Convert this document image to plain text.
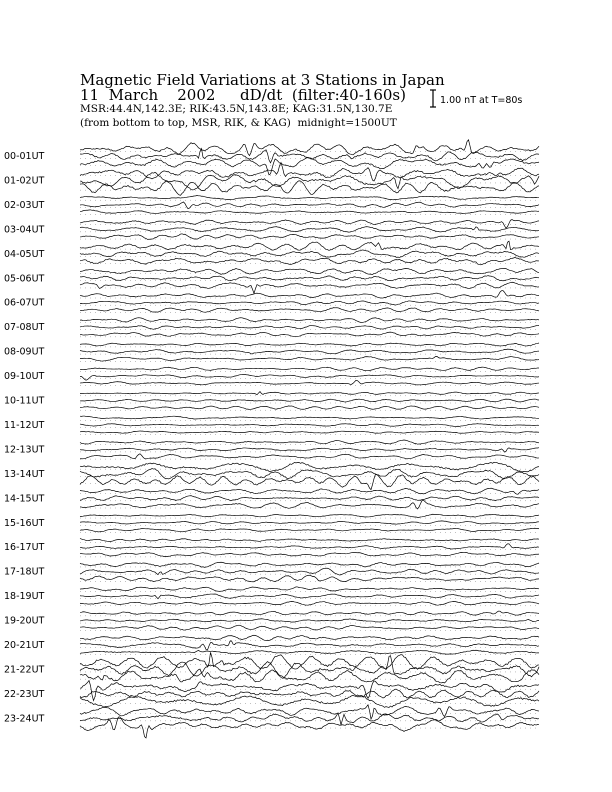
Magnetic Field Variations at 3 Stations in Japan
11  March    2002 dD/dt  (filter:40-160s)
MSR:44.4N,142.3E; RIK:43.5N,143.8E; KAG:31.5N,130.7E
(from bottom to top, MSR, RIK, & KAG)  midnight=1500UT
1.00 nT at T=80s
00-01UT
01-02UT
02-03UT
03-04UT
04-05UT
05-06UT
06-07UT
07-08UT
08-09UT
09-10UT
10-11UT
11-12UT
12-13UT
13-14UT
14-15UT
15-16UT
16-17UT
17-18UT
18-19UT
19-20UT
20-21UT
21-22UT
22-23UT
23-24UT
